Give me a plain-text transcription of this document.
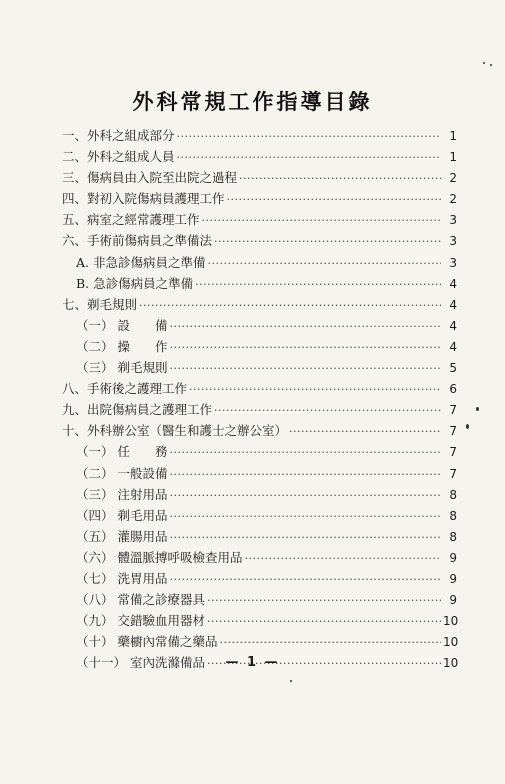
外科常規工作指導目錄
一、外科之組成部分 ·····	1
二、外科之組成人員 ·····	1
三、傷病員由入院至出院之過程 ·····	2
四、對初入院傷病員護理工作 ·····	2
五、病室之經常護理工作 ·····	3
六、手術前傷病員之準備法 ·····	3
A. 非急診傷病員之準備 ·····	3
B. 急診傷病員之準備 ·····	4
七、剃毛規則 ·····	4
（一） 設　　備 ·····	4
（二） 操　　作 ·····	4
（三） 剃毛規則 ·····	5
八、手術後之護理工作 ·····	6
九、出院傷病員之護理工作 ·····	7
十、外科辦公室（醫生和護士之辦公室） ·····	7
（一） 任　　務 ·····	7
（二） 一般設備 ·····	7
（三） 注射用品 ·····	8
（四） 剃毛用品 ·····	8
（五） 灌腸用品 ·····	8
（六） 體溫脈搏呼吸檢查用品 ·····	9
（七） 洗胃用品 ·····	9
（八） 常備之診療器具 ·····	9
（九） 交錯驗血用器材 ·····	10
（十） 藥櫥內常備之藥品 ·····	10
（十一） 室內洗滌備品 ·····	10
— 1 —
